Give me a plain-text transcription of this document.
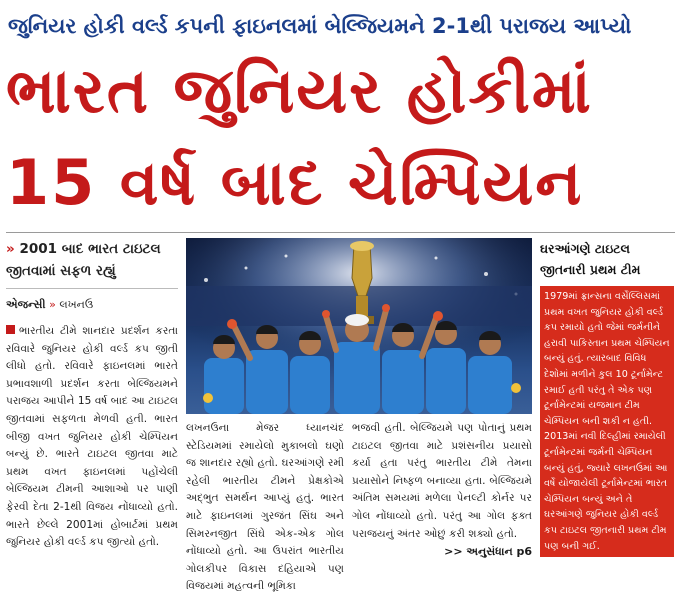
જુનિયર હોકી વર્લ્ડ કપની ફાઇનલમાં બેલ્જિયમને 2-1થી પરાજય આપ્યો
ભારત જુનિયર હોકીમાં
15 વર્ષ બાદ ચેમ્પિયન

» 2001 બાદ ભારત ટાઇટલ જીતવામાં સફળ રહ્યું

એજન્સી » લખનઉ

ભારતીય ટીમે શાનદાર પ્રદર્શન કરતા રવિવારે જુનિયર હોકી વર્લ્ડ કપ જીતી લીધો હતો. રવિવારે ફાઇનલમાં ભારતે પ્રભાવશાળી પ્રદર્શન કરતા બેલ્જિયમને પરાજય આપીને 15 વર્ષ બાદ આ ટાઇટલ જીતવામાં સફળતા મેળવી હતી. ભારત બીજી વખત જુનિયર હોકી ચેમ્પિયન બન્યું છે. ભારતે ટાઇટલ જીતવા માટે પ્રથમ વખત ફાઇનલમાં પહોંચેલી બેલ્જિયમ ટીમની આશાઓ પર પાણી ફેરવી દેતા 2-1થી વિજય નોંધાવ્યો હતો. ભારતે છેલ્લે 2001માં હોબાર્ટમાં પ્રથમ જુનિયર હોકી વર્લ્ડ કપ જીત્યો હતો.

લખનઉના મેજર ધ્યાનચંદ સ્ટેડિયમમાં રમાયેલો મુકાબલો ઘણો જ શાનદાર રહ્યો હતો. ઘરઆંગણે રમી રહેલી ભારતીય ટીમને પ્રેક્ષકોએ અદ્ભુત સમર્થન આપ્યું હતું. ભારત માટે ફાઇનલમાં ગુરજંત સિંઘ અને સિમરનજીત સિંઘે એક-એક ગોલ નોંધાવ્યો હતો. આ ઉપરાંત ભારતીય ગોલકીપર વિકાસ દહિયાએ પણ વિજયમાં મહત્વની ભૂમિકા

ભજવી હતી. બેલ્જિયમે પણ પોતાનું પ્રથમ ટાઇટલ જીતવા માટે પ્રશંસનીય પ્રયાસો કર્યા હતા પરંતુ ભારતીય ટીમે તેમના પ્રયાસોને નિષ્ફળ બનાવ્યા હતા. બેલ્જિયમે અંતિમ સમયમાં મળેલા પેનલ્ટી કોર્નર પર ગોલ નોંધાવ્યો હતો. પરંતુ આ ગોલ ફક્ત પરાજયનું અંતર ઓછું કરી શક્યો હતો.

>> અનુસંધાન p6

ઘરઆંગણે ટાઇટલ જીતનારી પ્રથમ ટીમ

1979માં ફ્રાન્સના વર્સેલ્લિસમાં પ્રથમ વખત જુનિયર હોકી વર્લ્ડ કપ રમાયો હતો જેમાં જર્મનીને હરાવી પાકિસ્તાન પ્રથમ ચેમ્પિયન બન્યું હતું. ત્યારબાદ વિવિધ દેશોમાં મળીને કુલ 10 ટૂર્નામેન્ટ રમાઈ હતી પરંતુ તે એક પણ ટૂર્નામેન્ટમાં યજમાન ટીમ ચેમ્પિયન બની શકી ન હતી. 2013માં નવી દિલ્હીમાં રમાયેલી ટૂર્નામેન્ટમાં જર્મની ચેમ્પિયન બન્યું હતું, જ્યારે લખનઉમાં આ વર્ષે યોજાયેલી ટૂર્નામેન્ટમાં ભારત ચેમ્પિયન બન્યું અને તે ઘરઆંગણે જુનિયર હોકી વર્લ્ડ કપ ટાઇટલ જીતનારી પ્રથમ ટીમ પણ બની ગઈ.
